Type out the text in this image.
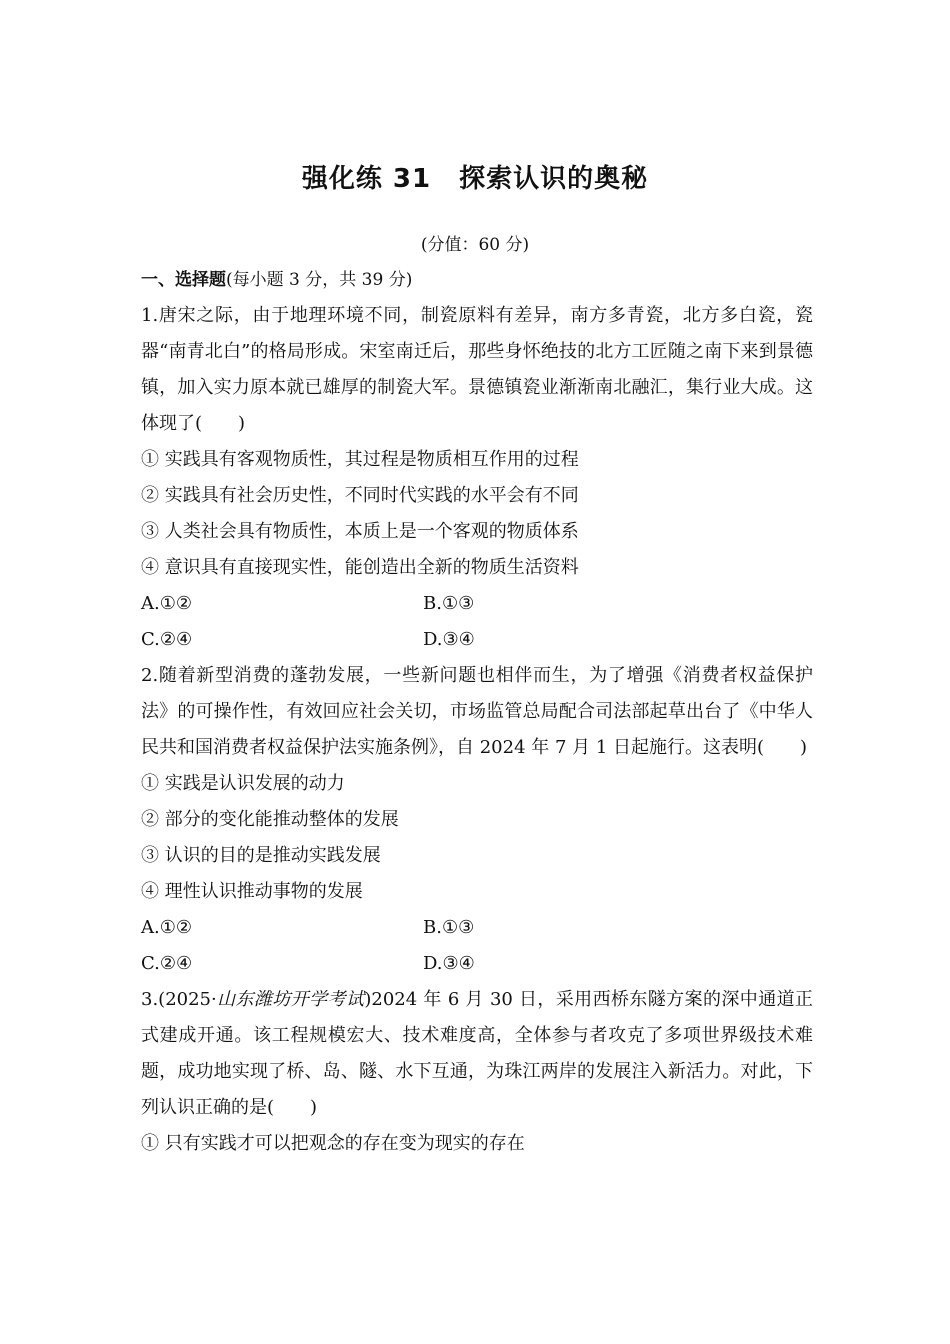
强化练 31 探索认识的奥秘
(分值：60 分)
一、选择题(每小题 3 分，共 39 分)
1.唐宋之际，由于地理环境不同，制瓷原料有差异，南方多青瓷，北方多白瓷，瓷器“南青北白”的格局形成。宋室南迁后，那些身怀绝技的北方工匠随之南下来到景德镇，加入实力原本就已雄厚的制瓷大军。景德镇瓷业渐渐南北融汇，集行业大成。这体现了(　　)
① 实践具有客观物质性，其过程是物质相互作用的过程
② 实践具有社会历史性，不同时代实践的水平会有不同
③ 人类社会具有物质性，本质上是一个客观的物质体系
④ 意识具有直接现实性，能创造出全新的物质生活资料
A.①②	B.①③
C.②④	D.③④
2.随着新型消费的蓬勃发展，一些新问题也相伴而生，为了增强《消费者权益保护法》的可操作性，有效回应社会关切，市场监管总局配合司法部起草出台了《中华人民共和国消费者权益保护法实施条例》，自 2024 年 7 月 1 日起施行。这表明(　　)
① 实践是认识发展的动力
② 部分的变化能推动整体的发展
③ 认识的目的是推动实践发展
④ 理性认识推动事物的发展
A.①②	B.①③
C.②④	D.③④
3.(2025·山东潍坊开学考试)2024 年 6 月 30 日，采用西桥东隧方案的深中通道正式建成开通。该工程规模宏大、技术难度高，全体参与者攻克了多项世界级技术难题，成功地实现了桥、岛、隧、水下互通，为珠江两岸的发展注入新活力。对此，下列认识正确的是(　　)
① 只有实践才可以把观念的存在变为现实的存在
